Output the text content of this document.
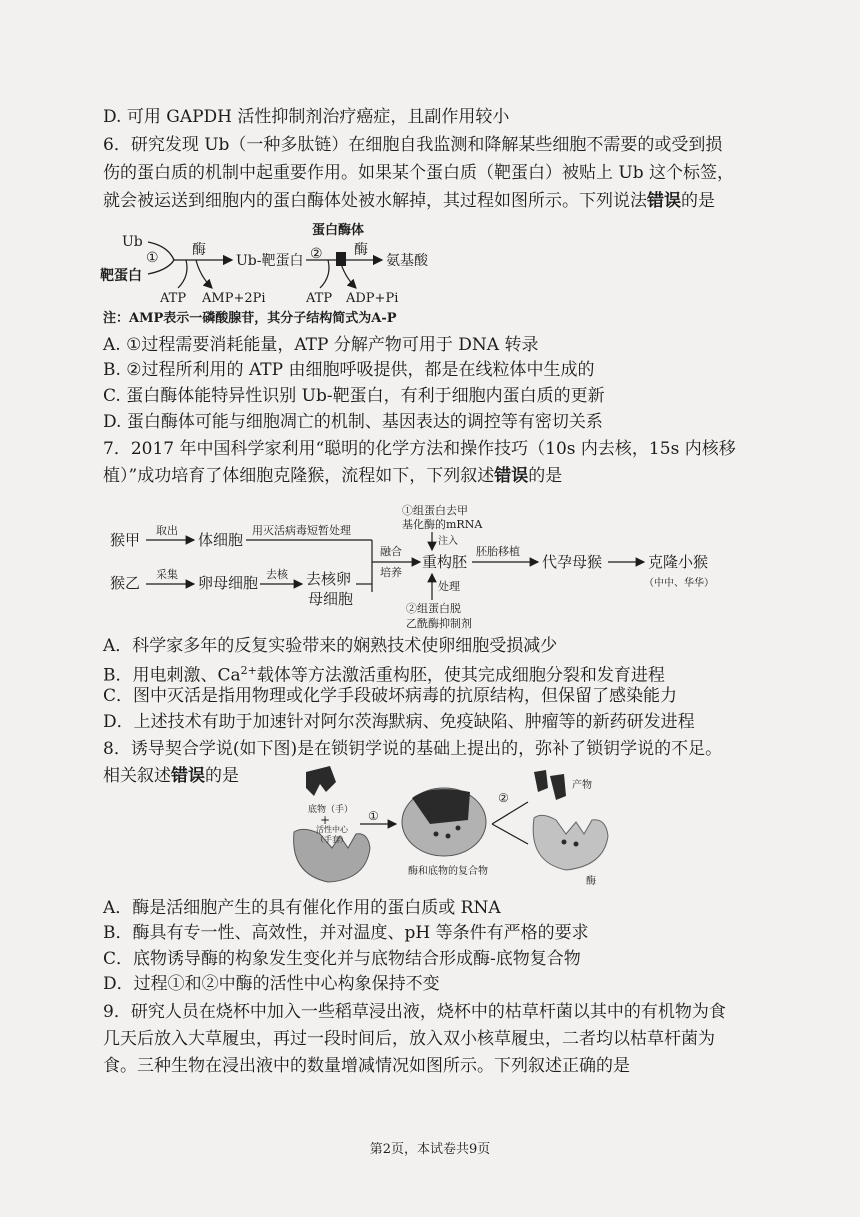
D. 可用 GAPDH 活性抑制剂治疗癌症，且副作用较小
6．研究发现 Ub（一种多肽链）在细胞自我监测和降解某些细胞不需要的或受到损
伤的蛋白质的机制中起重要作用。如果某个蛋白质（靶蛋白）被贴上 Ub 这个标签，
就会被运送到细胞内的蛋白酶体处被水解掉，其过程如图所示。下列说法错误的是
Ub
靶蛋白
① 酶
ATP AMP+2Pi
Ub-靶蛋白
蛋白酶体
② 酶
ATP ADP+Pi
氨基酸
注：AMP表示一磷酸腺苷，其分子结构简式为A-P
A. ①过程需要消耗能量，ATP 分解产物可用于 DNA 转录
B. ②过程所利用的 ATP 由细胞呼吸提供，都是在线粒体中生成的
C. 蛋白酶体能特异性识别 Ub-靶蛋白，有利于细胞内蛋白质的更新
D. 蛋白酶体可能与细胞凋亡的机制、基因表达的调控等有密切关系
7．2017 年中国科学家利用“聪明的化学方法和操作技巧（10s 内去核，15s 内核移
植）”成功培育了体细胞克隆猴，流程如下，下列叙述错误的是
猴甲
取出
体细胞
用灭活病毒短暂处理
融合
培养
猴乙 采集 卵母细胞 去核 去核卵
母细胞
重构胚
①组蛋白去甲
基化酶的mRNA
注入
处理
②组蛋白脱
乙酰酶抑制剂
胚胎移植
代孕母猴	克隆小猴
（中中、华华）
A．科学家多年的反复实验带来的娴熟技术使卵细胞受损减少
B．用电刺激、$Ca^{2+}$载体等方法激活重构胚，使其完成细胞分裂和发育进程
C．图中灭活是指用物理或化学手段破坏病毒的抗原结构，但保留了感染能力
D．上述技术有助于加速针对阿尔茨海默病、免疫缺陷、肿瘤等的新药研发进程
8．诱导契合学说(如下图)是在锁钥学说的基础上提出的，弥补了锁钥学说的不足。
相关叙述错误的是
底物（手）
+
活性中心
（手套）
①
酶和底物的复合物
②
产物
酶
A．酶是活细胞产生的具有催化作用的蛋白质或 RNA
B．酶具有专一性、高效性，并对温度、pH 等条件有严格的要求
C．底物诱导酶的构象发生变化并与底物结合形成酶-底物复合物
D．过程①和②中酶的活性中心构象保持不变
9．研究人员在烧杯中加入一些稻草浸出液，烧杯中的枯草杆菌以其中的有机物为食
几天后放入大草履虫，再过一段时间后，放入双小核草履虫，二者均以枯草杆菌为
食。三种生物在浸出液中的数量增减情况如图所示。下列叙述正确的是
第2页，本试卷共9页
